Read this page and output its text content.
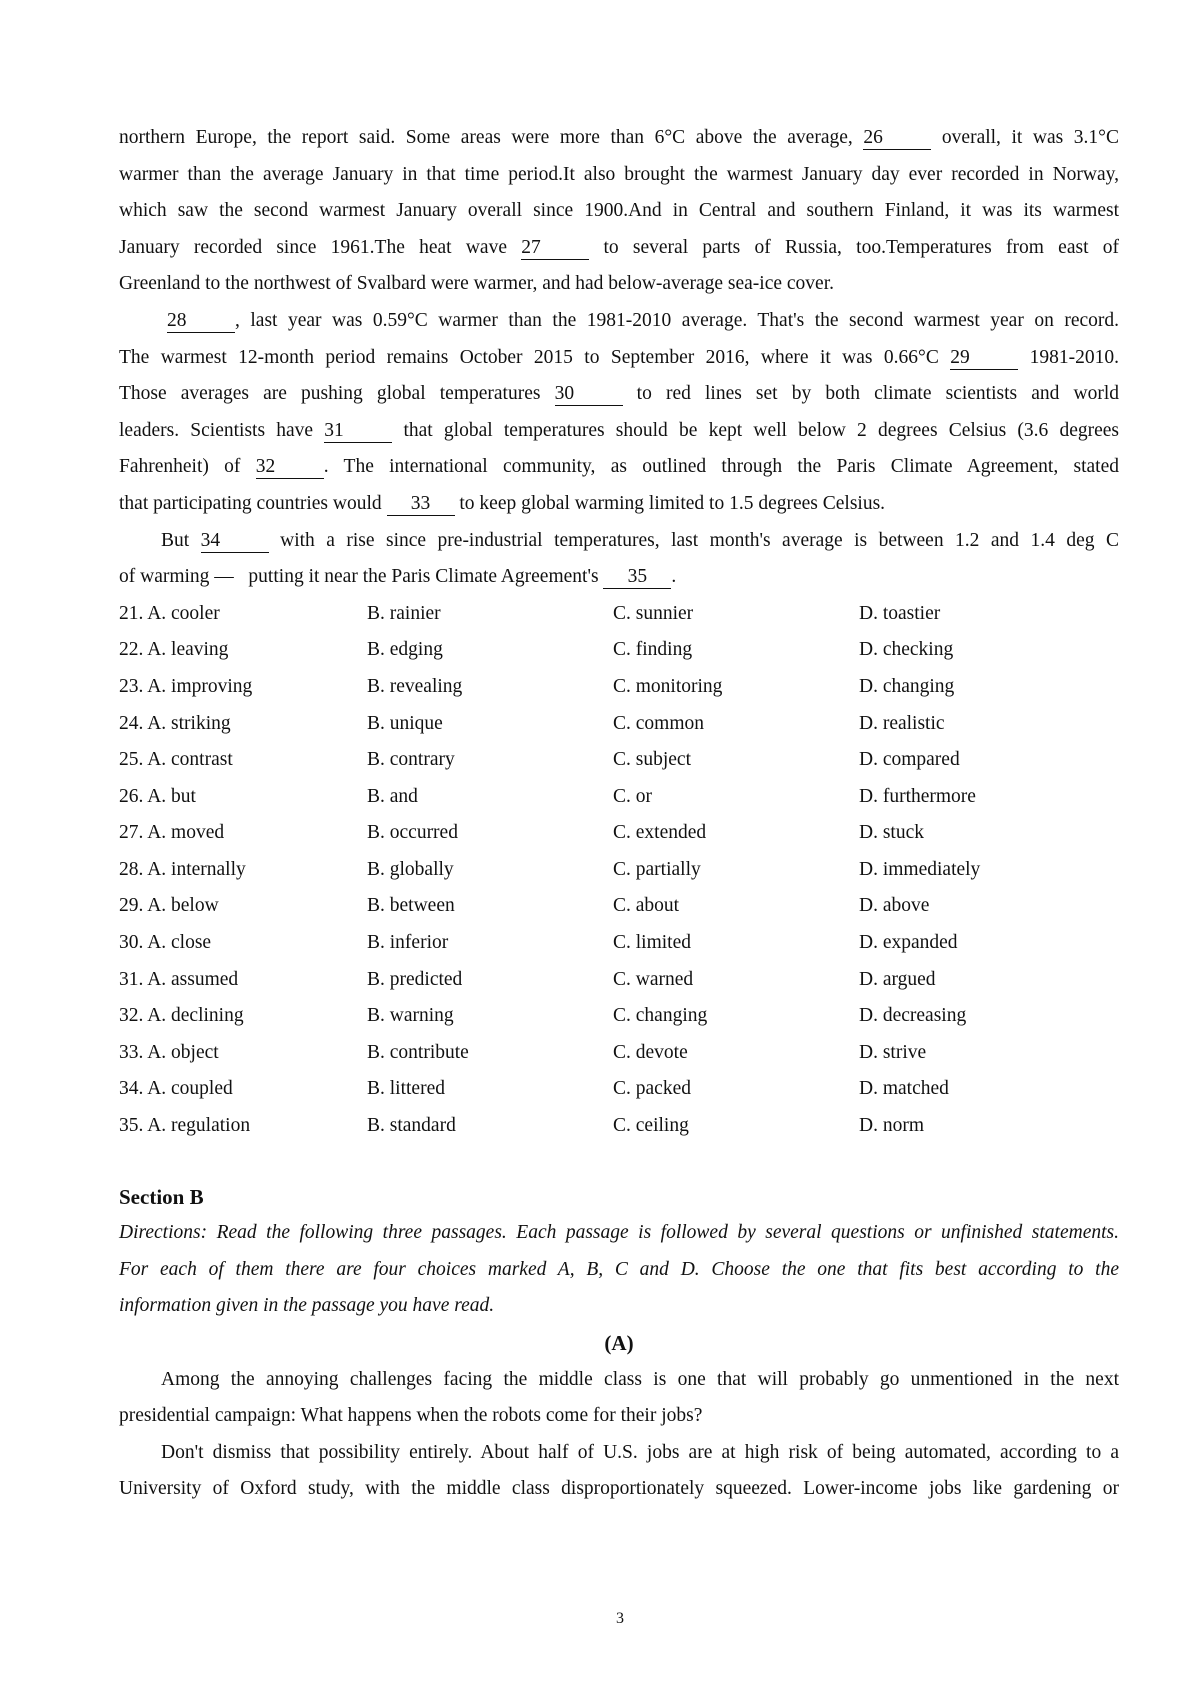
northern Europe, the report said. Some areas were more than 6°C above the average, 26 overall, it was 3.1°C
warmer than the average January in that time period.It also brought the warmest January day ever recorded in Norway,
which saw the second warmest January overall since 1900.And in Central and southern Finland, it was its warmest
January recorded since 1961.The heat wave 27 to several parts of Russia, too.Temperatures from east of
Greenland to the northwest of Svalbard were warmer, and had below-average sea-ice cover.
28 , last year was 0.59°C warmer than the 1981-2010 average. That's the second warmest year on record.
The warmest 12-month period remains October 2015 to September 2016, where it was 0.66°C 29 1981-2010.
Those averages are pushing global temperatures 30 to red lines set by both climate scientists and world
leaders. Scientists have 31 that global temperatures should be kept well below 2 degrees Celsius (3.6 degrees
Fahrenheit) of 32 . The international community, as outlined through the Paris Climate Agreement, stated
that participating countries would 33 to keep global warming limited to 1.5 degrees Celsius.
But 34 with a rise since pre-industrial temperatures, last month's average is between 1.2 and 1.4 deg C
of warming —   putting it near the Paris Climate Agreement's 35 .
21. A. cooler	B. rainier	C. sunnier	D. toastier
22. A. leaving	B. edging	C. finding	D. checking
23. A. improving	B. revealing	C. monitoring	D. changing
24. A. striking	B. unique	C. common	D. realistic
25. A. contrast	B. contrary	C. subject	D. compared
26. A. but	B. and	C. or	D. furthermore
27. A. moved	B. occurred	C. extended	D. stuck
28. A. internally	B. globally	C. partially	D. immediately
29. A. below	B. between	C. about	D. above
30. A. close	B. inferior	C. limited	D. expanded
31. A. assumed	B. predicted	C. warned	D. argued
32. A. declining	B. warning	C. changing	D. decreasing
33. A. object	B. contribute	C. devote	D. strive
34. A. coupled	B. littered	C. packed	D. matched
35. A. regulation	B. standard	C. ceiling	D. norm
Section B
Directions: Read the following three passages. Each passage is followed by several questions or unfinished statements.
For each of them there are four choices marked A, B, C and D. Choose the one that fits best according to the
information given in the passage you have read.
(A)
Among the annoying challenges facing the middle class is one that will probably go unmentioned in the next
presidential campaign: What happens when the robots come for their jobs?
Don't dismiss that possibility entirely. About half of U.S. jobs are at high risk of being automated, according to a
University of Oxford study, with the middle class disproportionately squeezed. Lower-income jobs like gardening or
3
